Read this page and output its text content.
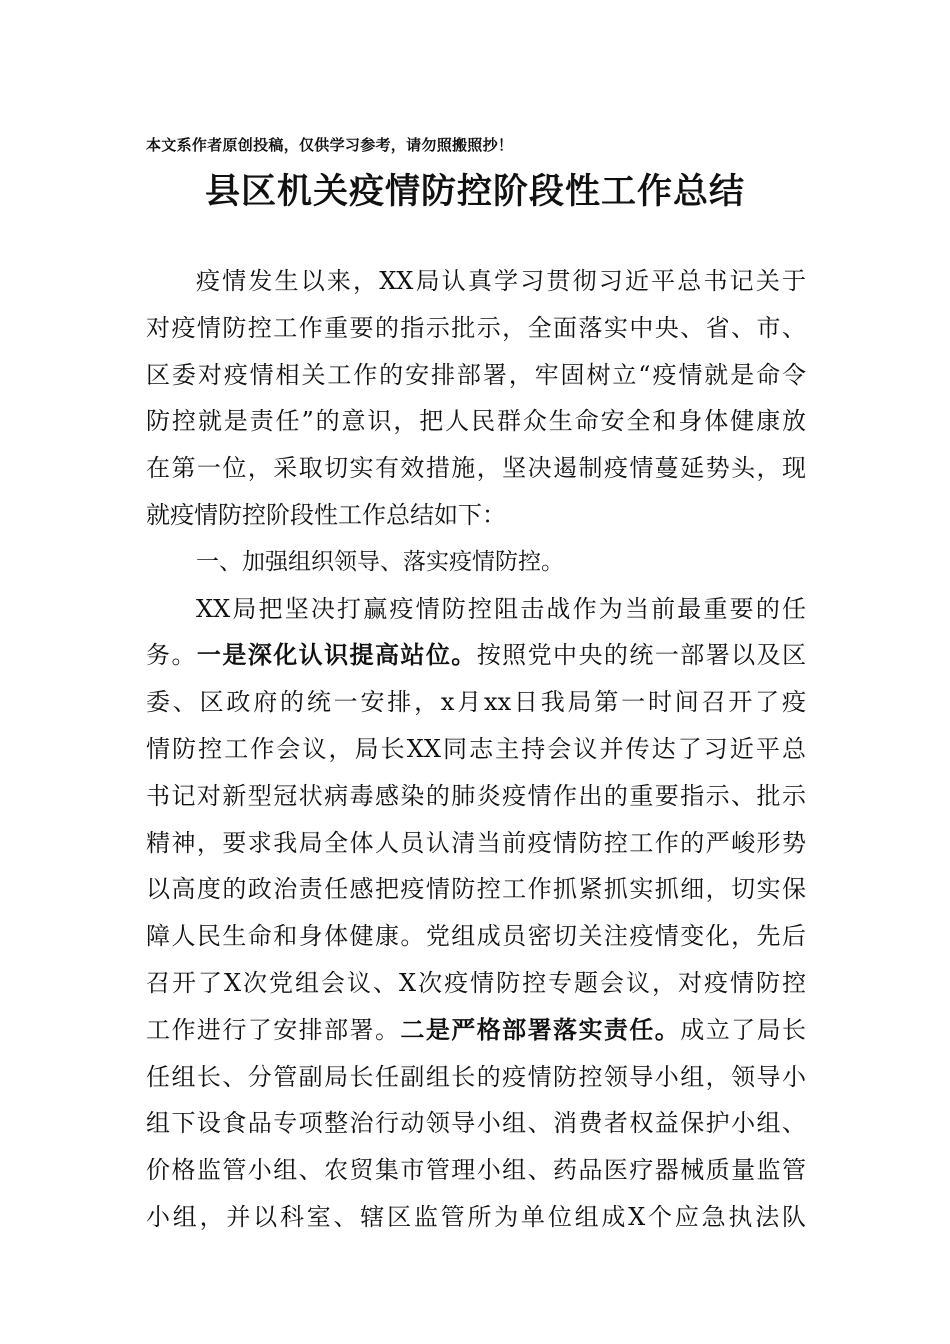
本文系作者原创投稿，仅供学习参考，请勿照搬照抄！
县区机关疫情防控阶段性工作总结
疫情发生以来，XX局认真学习贯彻习近平总书记关于
对疫情防控工作重要的指示批示，全面落实中央、省、市、
区委对疫情相关工作的安排部署，牢固树立“疫情就是命令
防控就是责任”的意识，把人民群众生命安全和身体健康放
在第一位，采取切实有效措施，坚决遏制疫情蔓延势头，现
就疫情防控阶段性工作总结如下：
一、加强组织领导、落实疫情防控。
XX局把坚决打赢疫情防控阻击战作为当前最重要的任
务。一是深化认识提高站位。按照党中央的统一部署以及区
委、区政府的统一安排，x月xx日我局第一时间召开了疫
情防控工作会议，局长XX同志主持会议并传达了习近平总
书记对新型冠状病毒感染的肺炎疫情作出的重要指示、批示
精神，要求我局全体人员认清当前疫情防控工作的严峻形势
以高度的政治责任感把疫情防控工作抓紧抓实抓细，切实保
障人民生命和身体健康。党组成员密切关注疫情变化，先后
召开了X次党组会议、X次疫情防控专题会议，对疫情防控
工作进行了安排部署。二是严格部署落实责任。成立了局长
任组长、分管副局长任副组长的疫情防控领导小组，领导小
组下设食品专项整治行动领导小组、消费者权益保护小组、
价格监管小组、农贸集市管理小组、药品医疗器械质量监管
小组，并以科室、辖区监管所为单位组成X个应急执法队
